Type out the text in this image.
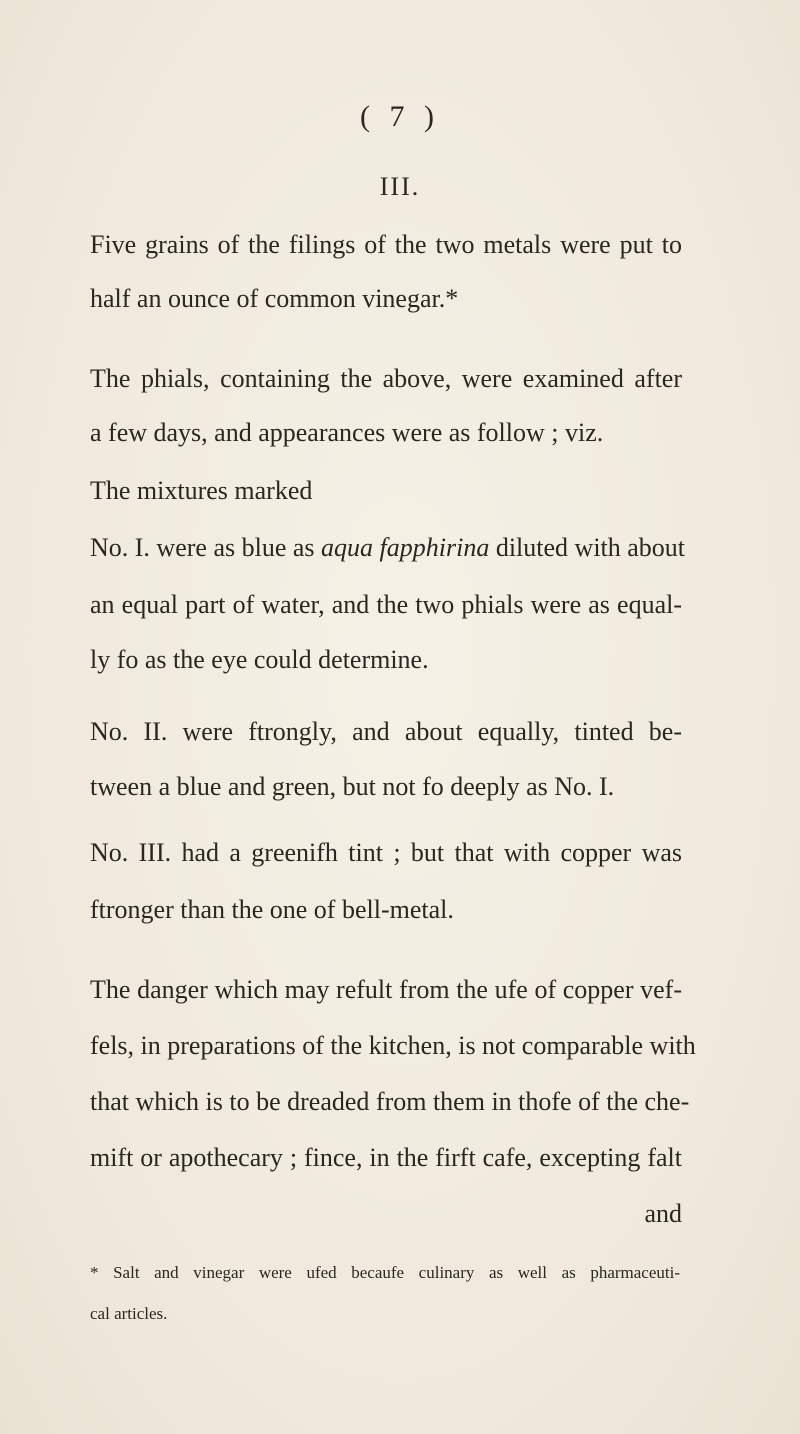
( 7 )
III.
Five grains of the filings of the two metals were put to
half an ounce of common vinegar.*
The phials, containing the above, were examined after
a few days, and appearances were as follow ; viz.
The mixtures marked
No. I. were as blue as aqua fapphirina diluted with about
an equal part of water, and the two phials were as equal-
ly fo as the eye could determine.
No. II. were ftrongly, and about equally, tinted be-
tween a blue and green, but not fo deeply as No. I.
No. III. had a greenifh tint ; but that with copper was
ftronger than the one of bell-metal.
The danger which may refult from the ufe of copper vef-
fels, in preparations of the kitchen, is not comparable with
that which is to be dreaded from them in thofe of the che-
mift or apothecary ; fince, in the firft cafe, excepting falt
and
* Salt and vinegar were ufed becaufe culinary as well as pharmaceuti-
cal articles.
